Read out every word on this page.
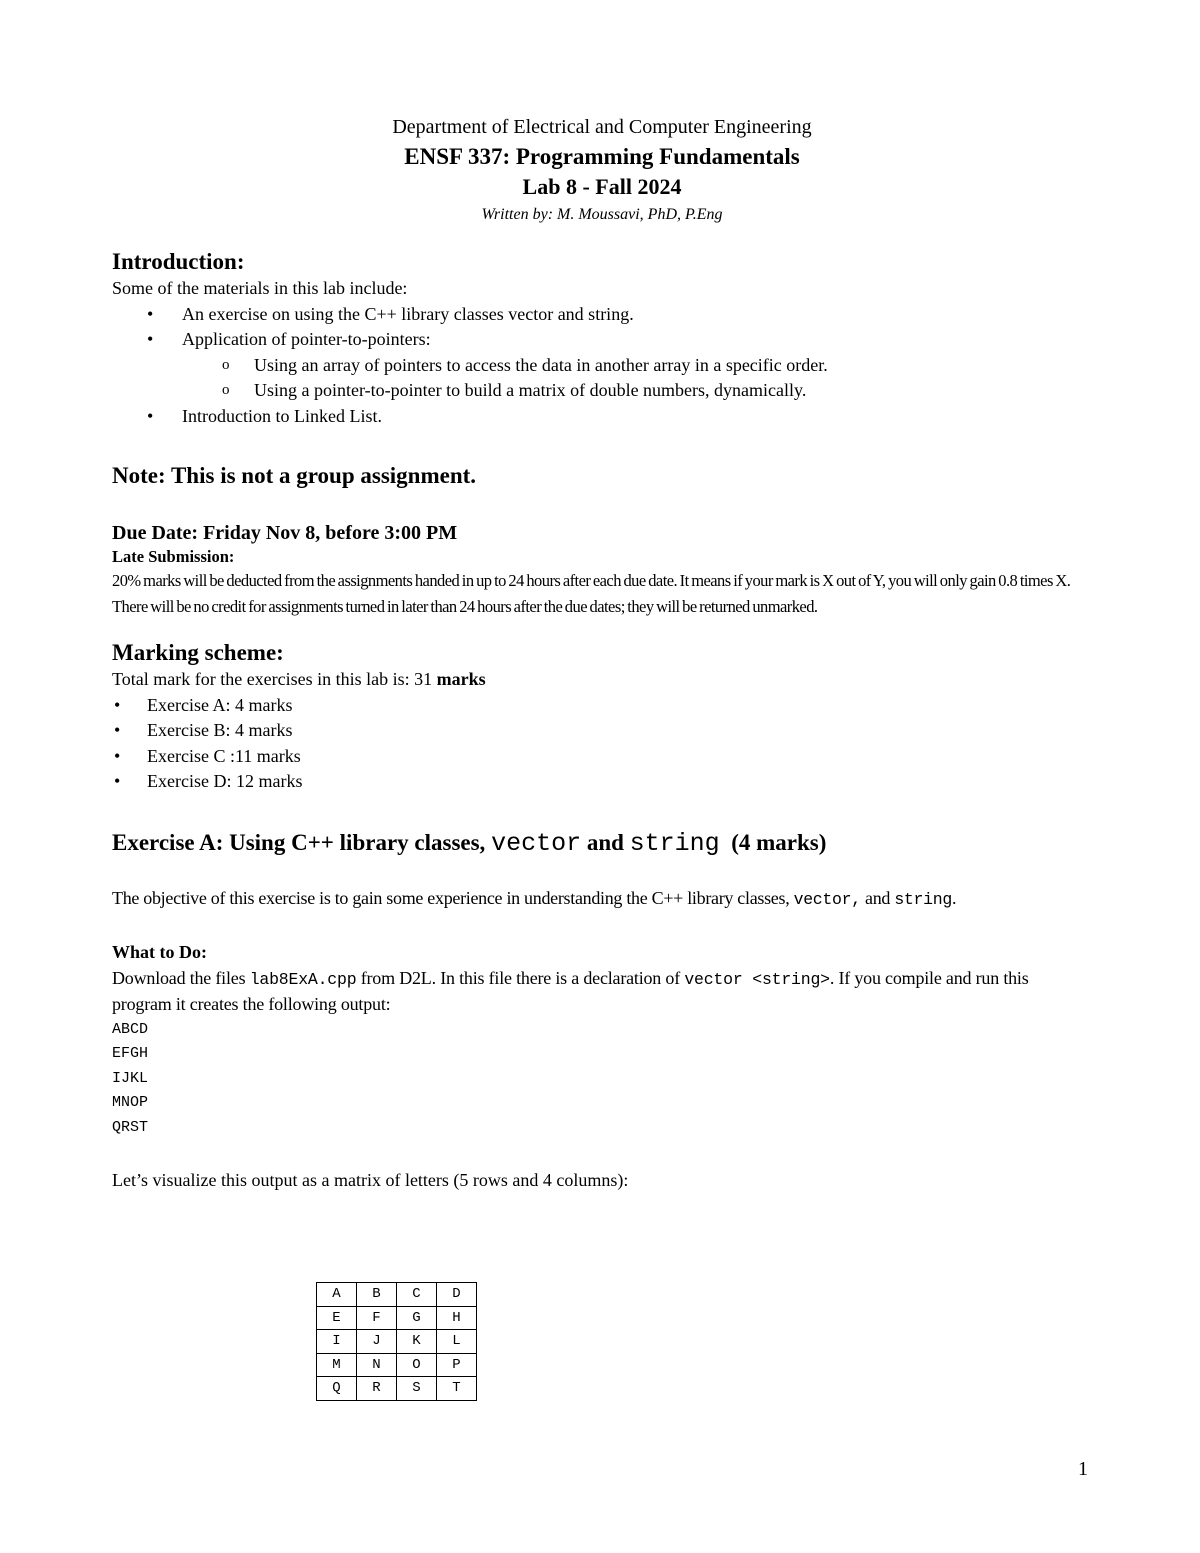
Department of Electrical and Computer Engineering
ENSF 337: Programming Fundamentals
Lab 8 - Fall 2024
Written by: M. Moussavi, PhD, P.Eng
Introduction:
Some of the materials in this lab include:
• An exercise on using the C++ library classes vector and string.
• Application of pointer-to-pointers:
o Using an array of pointers to access the data in another array in a specific order.
o Using a pointer-to-pointer to build a matrix of double numbers, dynamically.
• Introduction to Linked List.
Note: This is not a group assignment.
Due Date: Friday Nov 8, before 3:00 PM
Late Submission:
20% marks will be deducted from the assignments handed in up to 24 hours after each due date. It means if your mark is X out of Y, you will only gain 0.8 times X. There will be no credit for assignments turned in later than 24 hours after the due dates; they will be returned unmarked.
Marking scheme:
Total mark for the exercises in this lab is: 31 marks
• Exercise A: 4 marks
• Exercise B: 4 marks
• Exercise C :11 marks
• Exercise D: 12 marks
Exercise A: Using C++ library classes, vector and string (4 marks)
The objective of this exercise is to gain some experience in understanding the C++ library classes, vector, and string.
What to Do:
Download the files lab8ExA.cpp from D2L. In this file there is a declaration of vector <string>. If you compile and run this program it creates the following output:
ABCD
EFGH
IJKL
MNOP
QRST
Let’s visualize this output as a matrix of letters (5 rows and 4 columns):
A	B	C	D
E	F	G	H
I	J	K	L
M	N	O	P
Q	R	S	T
1
